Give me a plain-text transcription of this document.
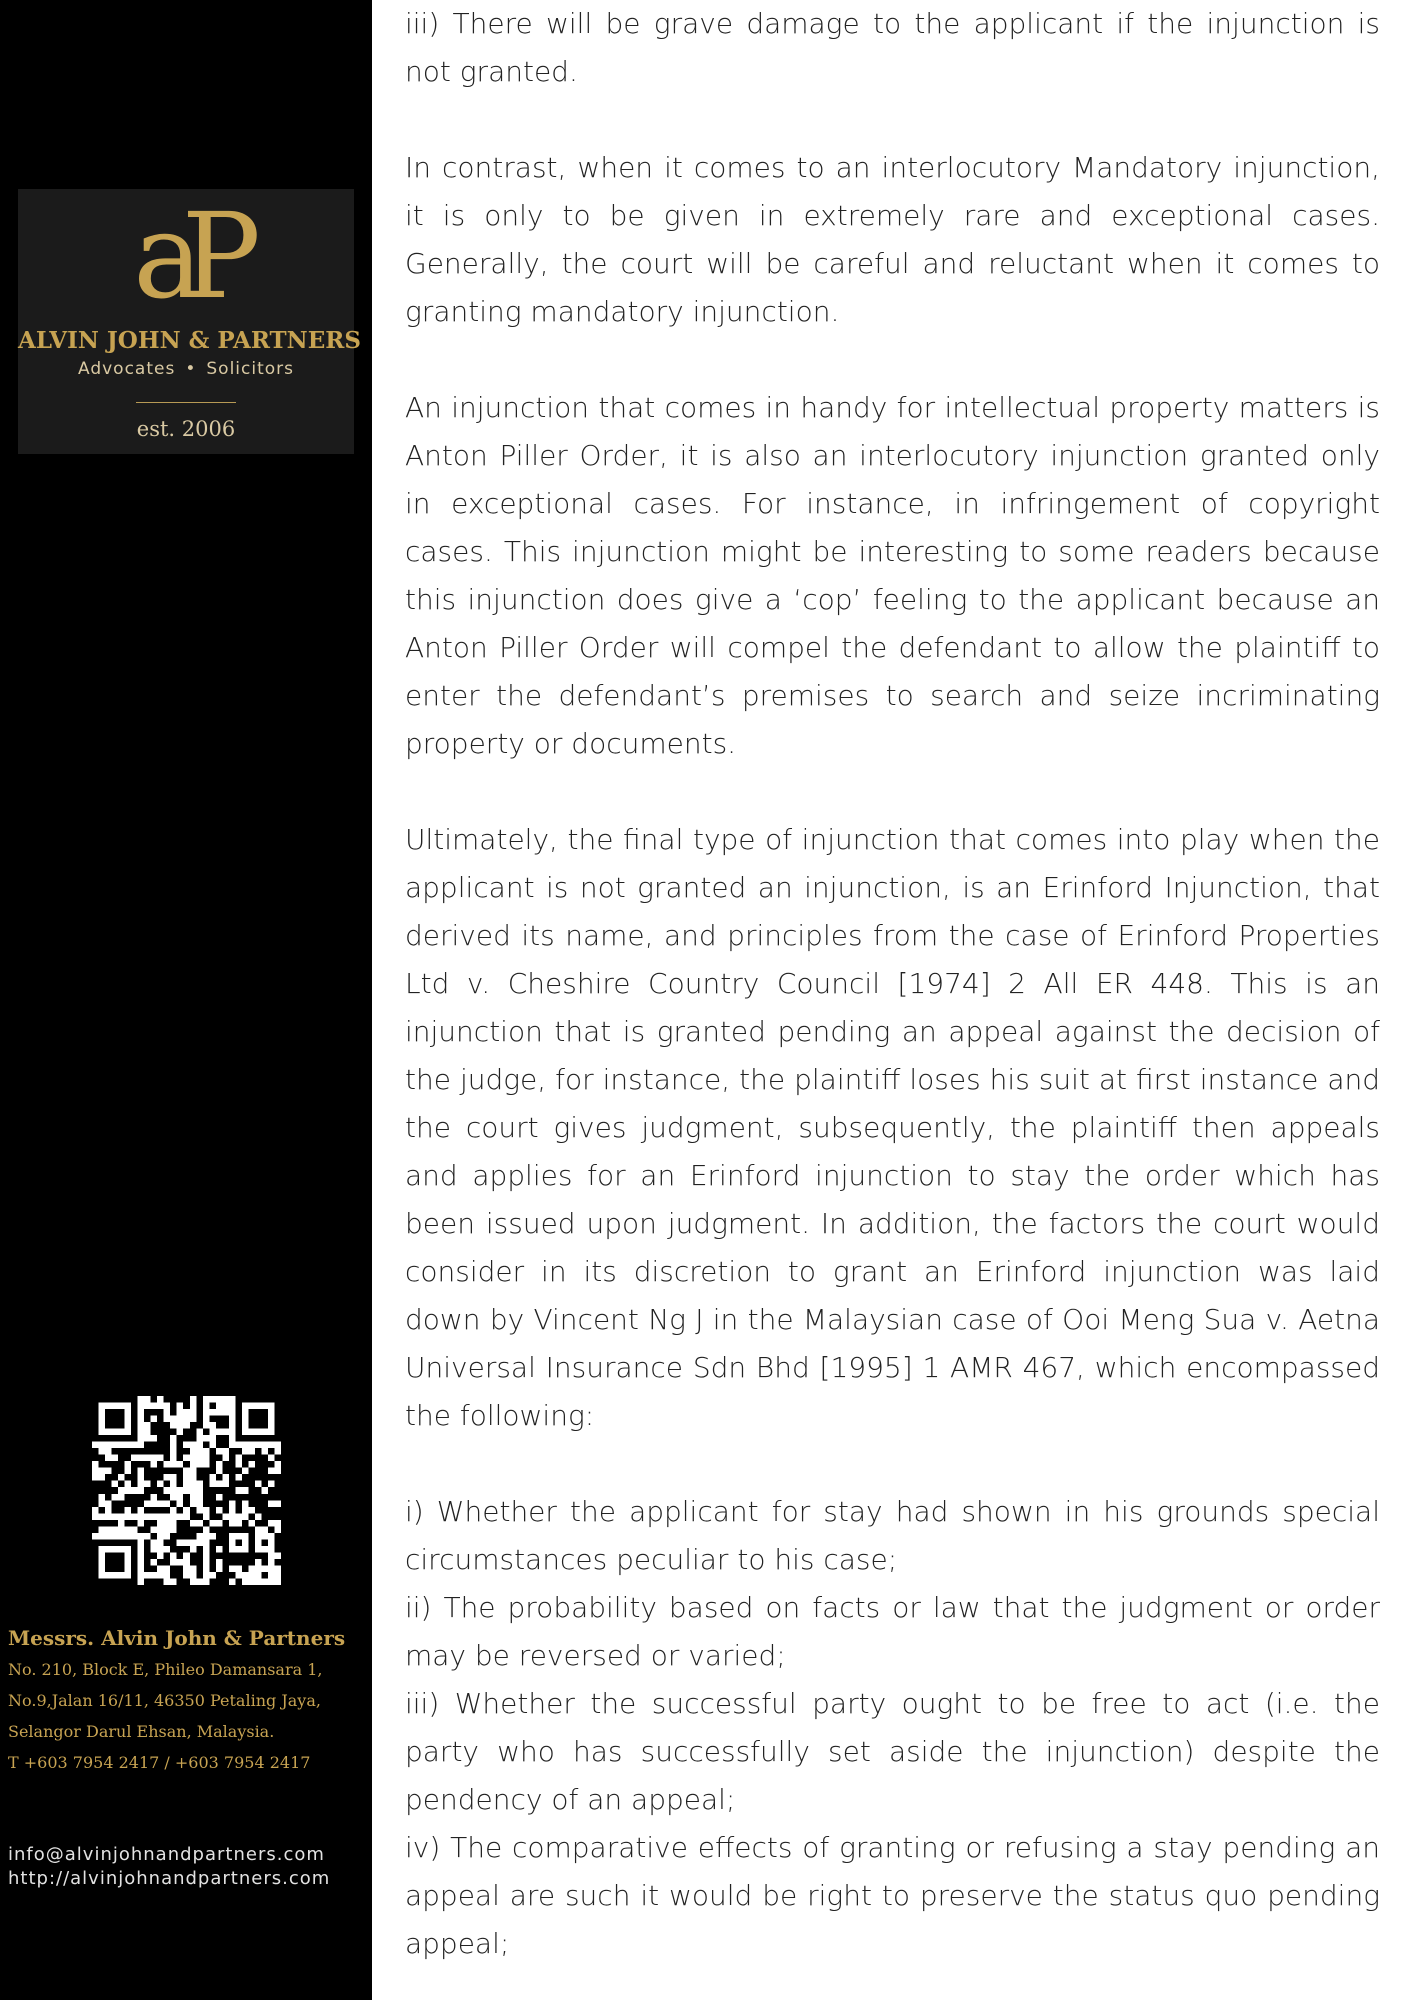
aP
ALVIN JOHN & PARTNERS
Advocates • Solicitors
est. 2006
Messrs. Alvin John & Partners
No. 210, Block E, Phileo Damansara 1,
No.9,Jalan 16/11, 46350 Petaling Jaya,
Selangor Darul Ehsan, Malaysia.
T +603 7954 2417 / +603 7954 2417
info@alvinjohnandpartners.com
http://alvinjohnandpartners.com

iii) There will be grave damage to the applicant if the injunction is not granted.

In contrast, when it comes to an interlocutory Mandatory injunction, it is only to be given in extremely rare and exceptional cases. Generally, the court will be careful and reluctant when it comes to granting mandatory injunction.

An injunction that comes in handy for intellectual property matters is Anton Piller Order, it is also an interlocutory injunction granted only in exceptional cases. For instance, in infringement of copyright cases. This injunction might be interesting to some readers because this injunction does give a ‘cop’ feeling to the applicant because an Anton Piller Order will compel the defendant to allow the plaintiff to enter the defendant’s premises to search and seize incriminating property or documents.

Ultimately, the final type of injunction that comes into play when the applicant is not granted an injunction, is an Erinford Injunction, that derived its name, and principles from the case of Erinford Properties Ltd v. Cheshire Country Council [1974] 2 All ER 448. This is an injunction that is granted pending an appeal against the decision of the judge, for instance, the plaintiff loses his suit at first instance and the court gives judgment, subsequently, the plaintiff then appeals and applies for an Erinford injunction to stay the order which has been issued upon judgment. In addition, the factors the court would consider in its discretion to grant an Erinford injunction was laid down by Vincent Ng J in the Malaysian case of Ooi Meng Sua v. Aetna Universal Insurance Sdn Bhd [1995] 1 AMR 467, which encompassed the following:

i) Whether the applicant for stay had shown in his grounds special circumstances peculiar to his case;

ii) The probability based on facts or law that the judgment or order may be reversed or varied;

iii) Whether the successful party ought to be free to act (i.e. the party who has successfully set aside the injunction) despite the pendency of an appeal;

iv) The comparative effects of granting or refusing a stay pending an appeal are such it would be right to preserve the status quo pending appeal;
